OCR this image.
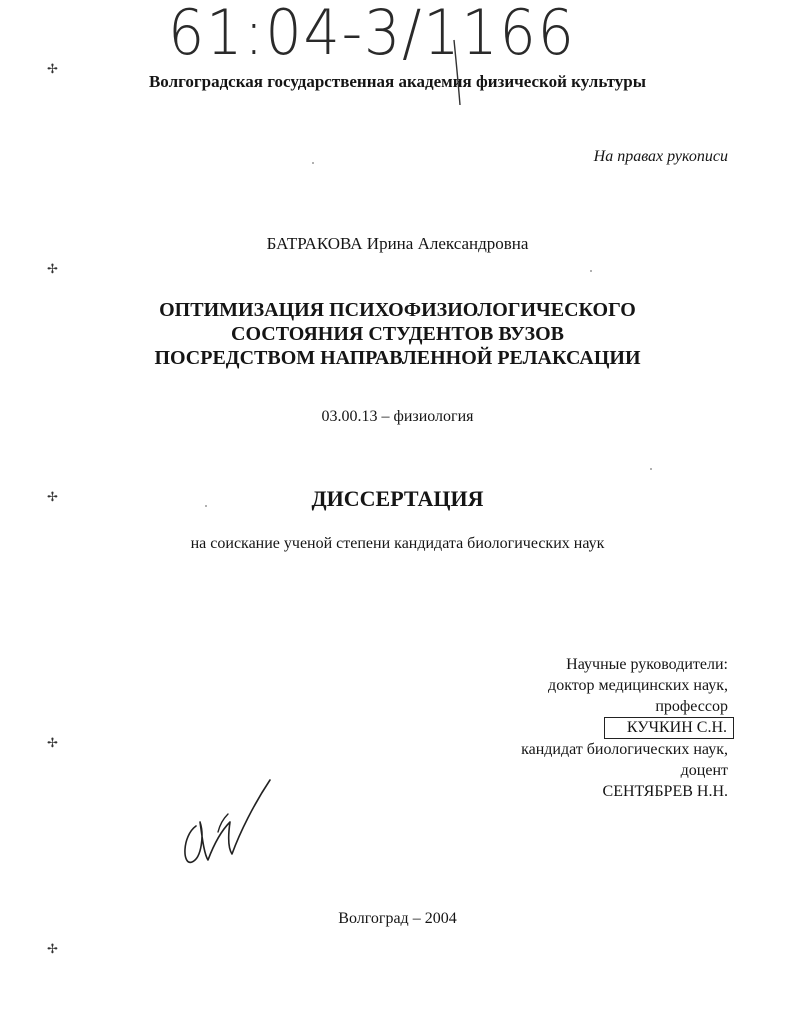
61:04-3/1166
Волгоградская государственная академия физической культуры
На правах рукописи
БАТРАКОВА Ирина Александровна
ОПТИМИЗАЦИЯ ПСИХОФИЗИОЛОГИЧЕСКОГО
СОСТОЯНИЯ СТУДЕНТОВ ВУЗОВ
ПОСРЕДСТВОМ НАПРАВЛЕННОЙ РЕЛАКСАЦИИ
03.00.13 – физиология
ДИССЕРТАЦИЯ
на соискание ученой степени кандидата биологических наук
Научные руководители:
доктор медицинских наук,
профессор
КУЧКИН С.Н.
кандидат биологических наук,
доцент
СЕНТЯБРЕВ Н.Н.
Волгоград – 2004
✢
✢
✢
✢
✢
